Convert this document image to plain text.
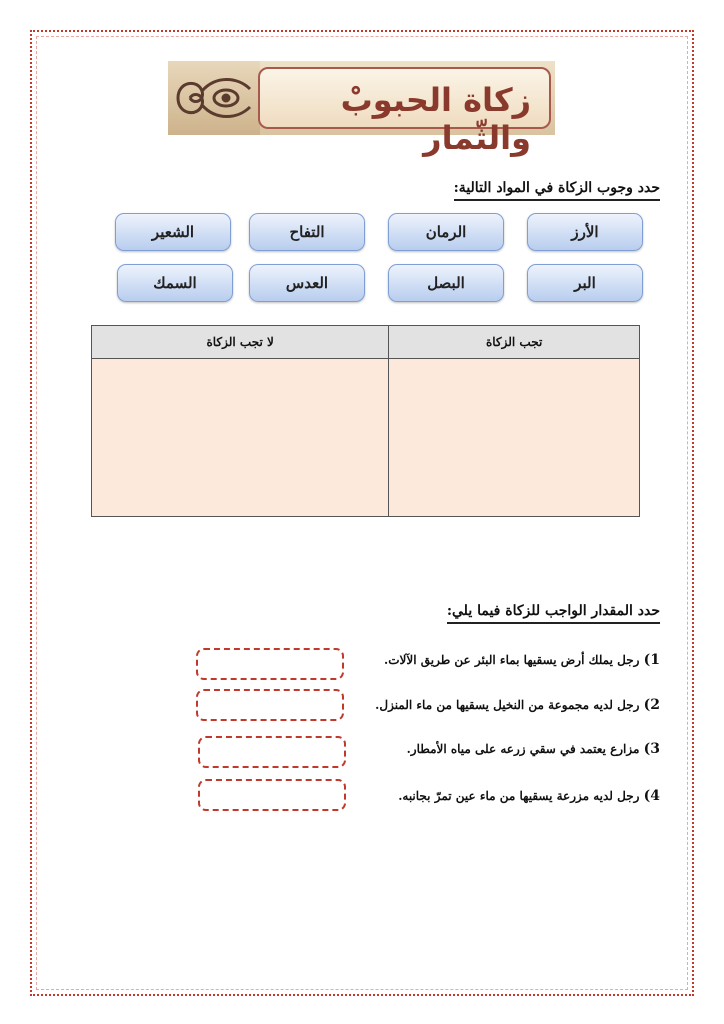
زكاة الحبوبْ والثّمار
حدد وجوب الزكاة في المواد التالية:
الأرز
الرمان
التفاح
الشعير
البر
البصل
العدس
السمك
تجب الزكاة	لا تجب الزكاة

حدد المقدار الواجب للزكاة فيما يلي:
1) رجل يملك أرض يسقيها بماء البئر عن طريق الآلات.
2) رجل لديه مجموعة من النخيل يسقيها من ماء المنزل.
3) مزارع يعتمد في سقي زرعه على مياه الأمطار.
4) رجل لديه مزرعة يسقيها من ماء عين تمرّ بجانبه.
